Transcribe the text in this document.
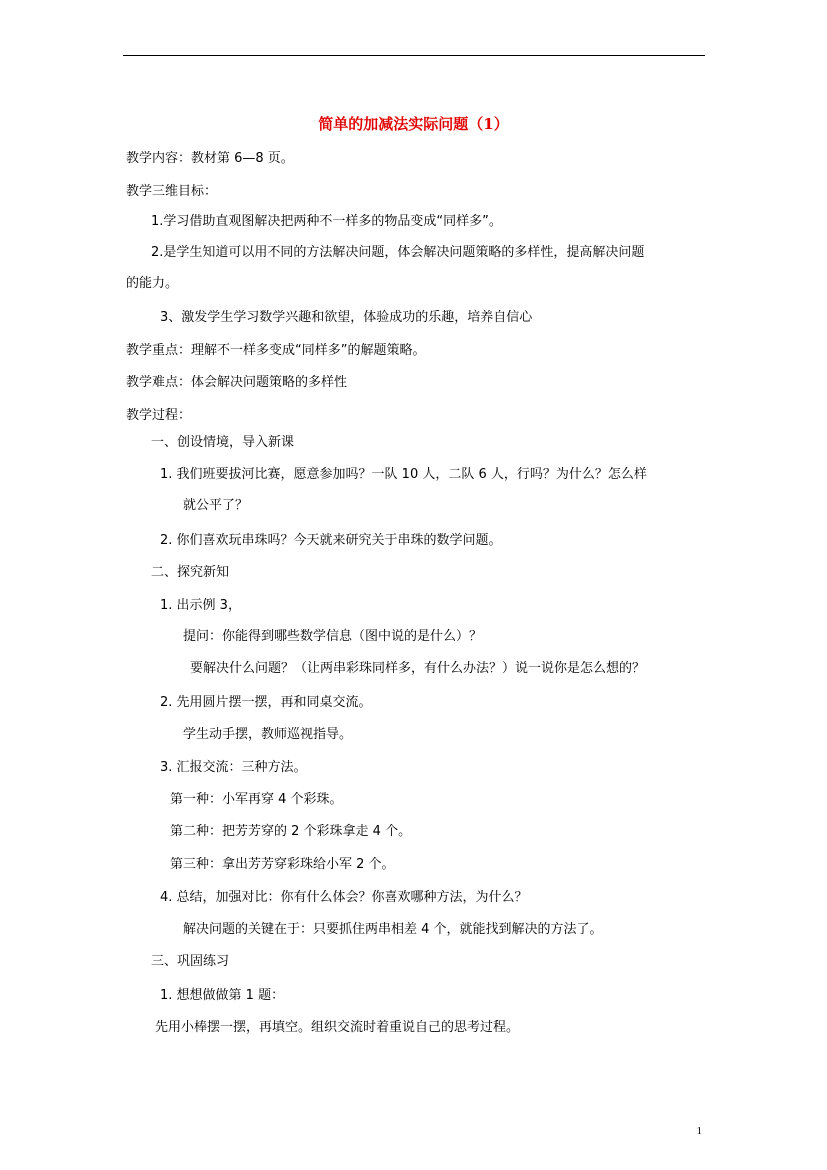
简单的加减法实际问题（1）
教学内容：教材第 6—8 页。
教学三维目标：
1.学习借助直观图解决把两种不一样多的物品变成“同样多”。
2.是学生知道可以用不同的方法解决问题，体会解决问题策略的多样性，提高解决问题
的能力。
3、激发学生学习数学兴趣和欲望，体验成功的乐趣，培养自信心
教学重点：理解不一样多变成“同样多”的解题策略。
教学难点：体会解决问题策略的多样性
教学过程：
一、创设情境，导入新课
1. 我们班要拔河比赛，愿意参加吗？一队 10 人，二队 6 人，行吗？为什么？怎么样
就公平了？
2. 你们喜欢玩串珠吗？今天就来研究关于串珠的数学问题。
二、探究新知
1. 出示例 3，
提问：你能得到哪些数学信息（图中说的是什么）？
要解决什么问题？（让两串彩珠同样多，有什么办法？）说一说你是怎么想的？
2. 先用圆片摆一摆，再和同桌交流。
学生动手摆，教师巡视指导。
3. 汇报交流：三种方法。
第一种：小军再穿 4 个彩珠。
第二种：把芳芳穿的 2 个彩珠拿走 4 个。
第三种：拿出芳芳穿彩珠给小军 2 个。
4. 总结，加强对比：你有什么体会？你喜欢哪种方法，为什么？
解决问题的关键在于：只要抓住两串相差 4 个，就能找到解决的方法了。
三、巩固练习
1. 想想做做第 1 题：
先用小棒摆一摆，再填空。组织交流时着重说自己的思考过程。
1
